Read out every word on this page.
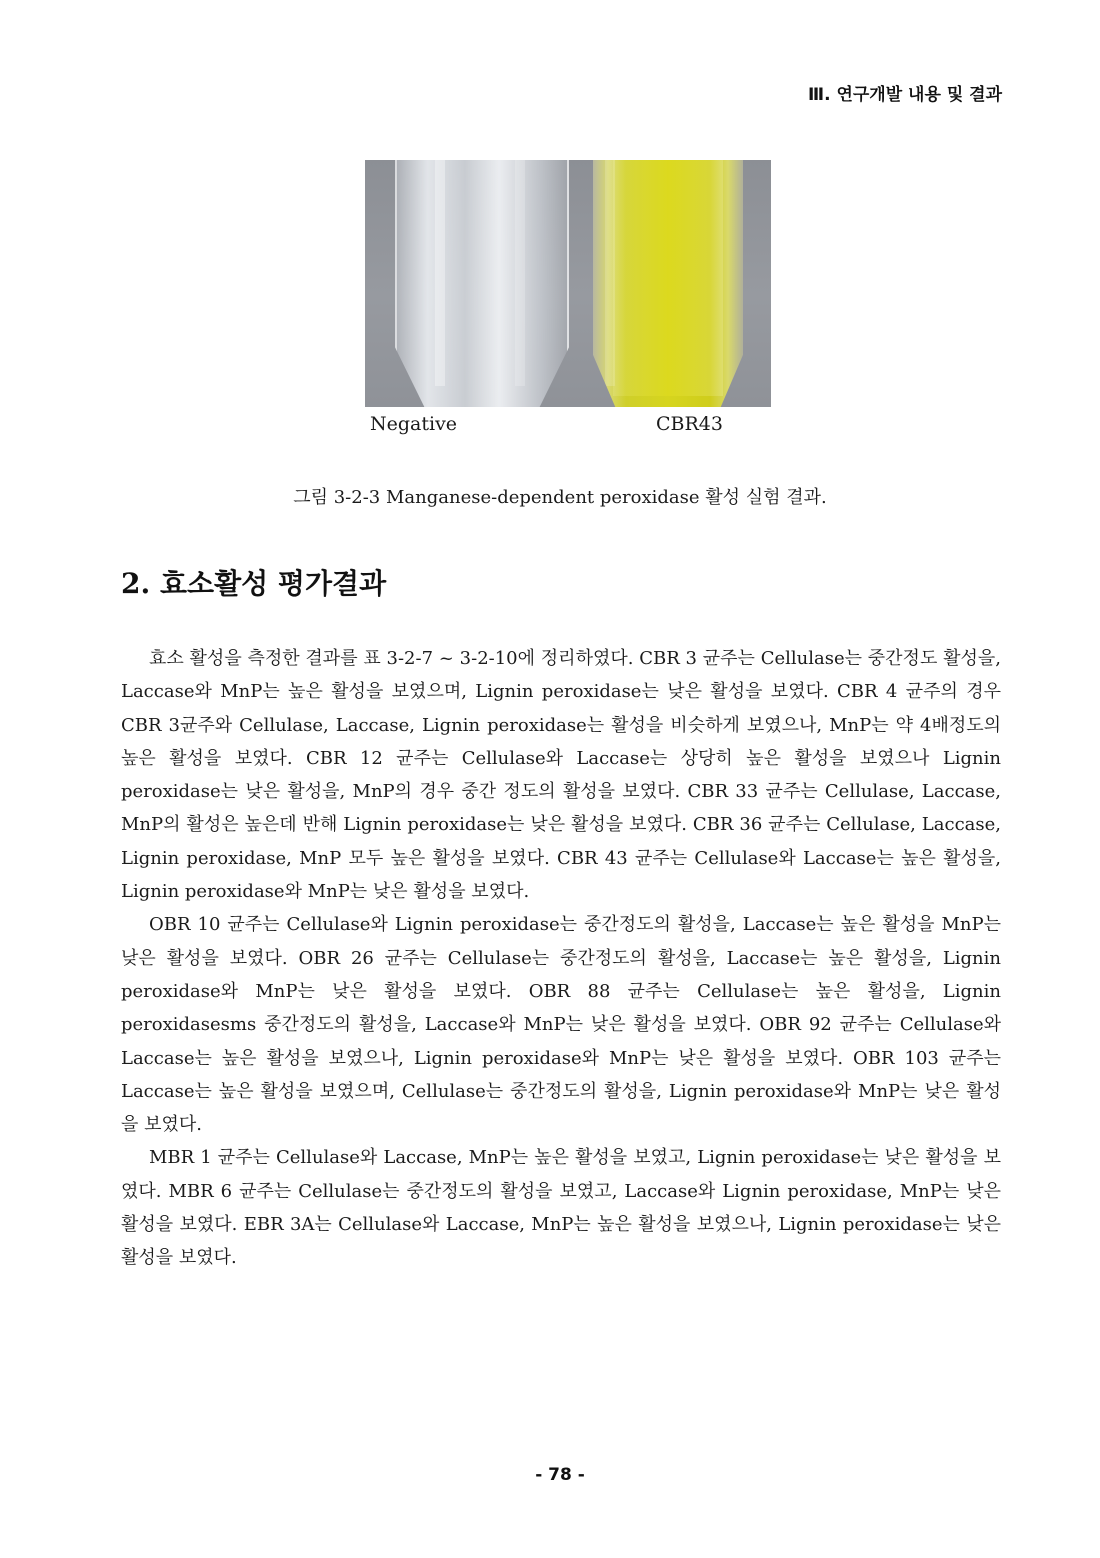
Ⅲ. 연구개발 내용 및 결과
Negative	CBR43
그림 3-2-3 Manganese-dependent peroxidase 활성 실험 결과.
2. 효소활성 평가결과

효소 활성을 측정한 결과를 표 3-2-7 ~ 3-2-10에 정리하였다. CBR 3 균주는 Cellulase는 중간정도 활성을, Laccase와 MnP는 높은 활성을 보였으며, Lignin peroxidase는 낮은 활성을 보였다. CBR 4 균주의 경우 CBR 3균주와 Cellulase, Laccase, Lignin peroxidase는 활성을 비슷하게 보였으나, MnP는 약 4배정도의 높은 활성을 보였다. CBR 12 균주는 Cellulase와 Laccase는 상당히 높은 활성을 보였으나 Lignin peroxidase는 낮은 활성을, MnP의 경우 중간 정도의 활성을 보였다. CBR 33 균주는 Cellulase, Laccase, MnP의 활성은 높은데 반해 Lignin peroxidase는 낮은 활성을 보였다. CBR 36 균주는 Cellulase, Laccase, Lignin peroxidase, MnP 모두 높은 활성을 보였다. CBR 43 균주는 Cellulase와 Laccase는 높은 활성을, Lignin peroxidase와 MnP는 낮은 활성을 보였다.

OBR 10 균주는 Cellulase와 Lignin peroxidase는 중간정도의 활성을, Laccase는 높은 활성을 MnP는 낮은 활성을 보였다. OBR 26 균주는 Cellulase는 중간정도의 활성을, Laccase는 높은 활성을, Lignin peroxidase와 MnP는 낮은 활성을 보였다. OBR 88 균주는 Cellulase는 높은 활성을, Lignin peroxidasesms 중간정도의 활성을, Laccase와 MnP는 낮은 활성을 보였다. OBR 92 균주는 Cellulase와 Laccase는 높은 활성을 보였으나, Lignin peroxidase와 MnP는 낮은 활성을 보였다. OBR 103 균주는 Laccase는 높은 활성을 보였으며, Cellulase는 중간정도의 활성을, Lignin peroxidase와 MnP는 낮은 활성을 보였다.

MBR 1 균주는 Cellulase와 Laccase, MnP는 높은 활성을 보였고, Lignin peroxidase는 낮은 활성을 보였다. MBR 6 균주는 Cellulase는 중간정도의 활성을 보였고, Laccase와 Lignin peroxidase, MnP는 낮은 활성을 보였다. EBR 3A는 Cellulase와 Laccase, MnP는 높은 활성을 보였으나, Lignin peroxidase는 낮은 활성을 보였다.

- 78 -
